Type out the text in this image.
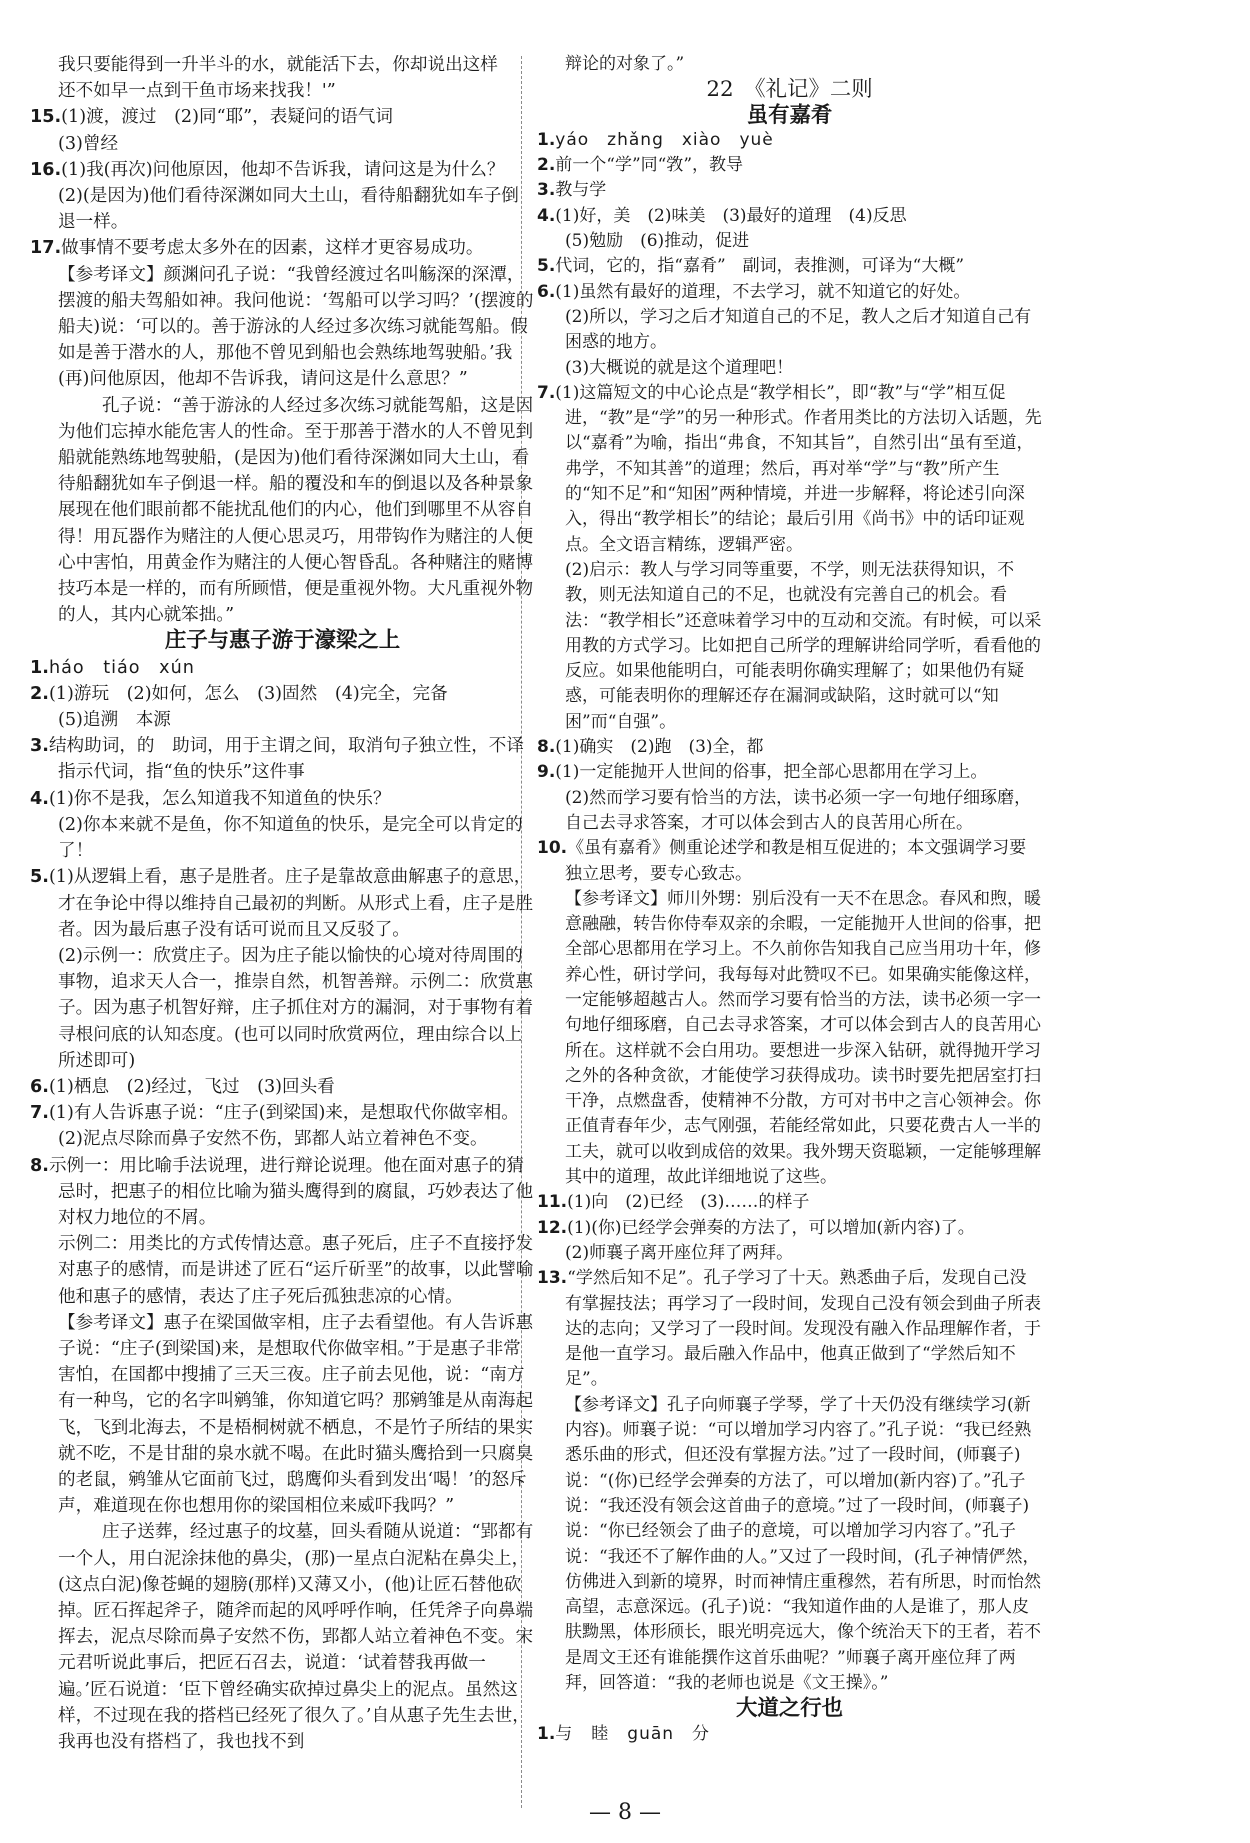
我只要能得到一升半斗的水，就能活下去，你却说出这样
还不如早一点到干鱼市场来找我！'”
15.(1)渡，渡过　(2)同“耶”，表疑问的语气词
(3)曾经
16.(1)我(再次)问他原因，他却不告诉我，请问这是为什么？
(2)(是因为)他们看待深渊如同大土山，看待船翻犹如车子倒退一样。
17.做事情不要考虑太多外在的因素，这样才更容易成功。
【参考译文】颜渊问孔子说：“我曾经渡过名叫觞深的深潭，摆渡的船夫驾船如神。我问他说：‘驾船可以学习吗？’(摆渡的船夫)说：‘可以的。善于游泳的人经过多次练习就能驾船。假如是善于潜水的人，那他不曾见到船也会熟练地驾驶船。’我(再)问他原因，他却不告诉我，请问这是什么意思？”
孔子说：“善于游泳的人经过多次练习就能驾船，这是因为他们忘掉水能危害人的性命。至于那善于潜水的人不曾见到船就能熟练地驾驶船，(是因为)他们看待深渊如同大土山，看待船翻犹如车子倒退一样。船的覆没和车的倒退以及各种景象展现在他们眼前都不能扰乱他们的内心，他们到哪里不从容自得！用瓦器作为赌注的人便心思灵巧，用带钩作为赌注的人便心中害怕，用黄金作为赌注的人便心智昏乱。各种赌注的赌博技巧本是一样的，而有所顾惜，便是重视外物。大凡重视外物的人，其内心就笨拙。”
庄子与惠子游于濠梁之上
1.háo　tiáo　xún
2.(1)游玩　(2)如何，怎么　(3)固然　(4)完全，完备
(5)追溯　本源
3.结构助词，的　助词，用于主谓之间，取消句子独立性，不译　指示代词，指“鱼的快乐”这件事
4.(1)你不是我，怎么知道我不知道鱼的快乐？
(2)你本来就不是鱼，你不知道鱼的快乐，是完全可以肯定的了！
5.(1)从逻辑上看，惠子是胜者。庄子是靠故意曲解惠子的意思，才在争论中得以维持自己最初的判断。从形式上看，庄子是胜者。因为最后惠子没有话可说而且又反驳了。
(2)示例一：欣赏庄子。因为庄子能以愉快的心境对待周围的事物，追求天人合一，推崇自然，机智善辩。示例二：欣赏惠子。因为惠子机智好辩，庄子抓住对方的漏洞，对于事物有着寻根问底的认知态度。(也可以同时欣赏两位，理由综合以上所述即可)
6.(1)栖息　(2)经过，飞过　(3)回头看
7.(1)有人告诉惠子说：“庄子(到梁国)来，是想取代你做宰相。
(2)泥点尽除而鼻子安然不伤，郢都人站立着神色不变。
8.示例一：用比喻手法说理，进行辩论说理。他在面对惠子的猜忌时，把惠子的相位比喻为猫头鹰得到的腐鼠，巧妙表达了他对权力地位的不屑。
示例二：用类比的方式传情达意。惠子死后，庄子不直接抒发对惠子的感情，而是讲述了匠石“运斤斫垩”的故事，以此譬喻他和惠子的感情，表达了庄子死后孤独悲凉的心情。
【参考译文】惠子在梁国做宰相，庄子去看望他。有人告诉惠子说：“庄子(到梁国)来，是想取代你做宰相。”于是惠子非常害怕，在国都中搜捕了三天三夜。庄子前去见他，说：“南方有一种鸟，它的名字叫鹓雏，你知道它吗？那鹓雏是从南海起飞，飞到北海去，不是梧桐树就不栖息，不是竹子所结的果实就不吃，不是甘甜的泉水就不喝。在此时猫头鹰拾到一只腐臭的老鼠，鹓雏从它面前飞过，鸱鹰仰头看到发出‘喝！’的怒斥声，难道现在你也想用你的梁国相位来威吓我吗？”
庄子送葬，经过惠子的坟墓，回头看随从说道：“郢都有一个人，用白泥涂抹他的鼻尖，(那)一星点白泥粘在鼻尖上，(这点白泥)像苍蝇的翅膀(那样)又薄又小，(他)让匠石替他砍掉。匠石挥起斧子，随斧而起的风呼呼作响，任凭斧子向鼻端挥去，泥点尽除而鼻子安然不伤，郢都人站立着神色不变。宋元君听说此事后，把匠石召去，说道：‘试着替我再做一遍。’匠石说道：‘臣下曾经确实砍掉过鼻尖上的泥点。虽然这样，不过现在我的搭档已经死了很久了。’自从惠子先生去世，我再也没有搭档了，我也找不到
辩论的对象了。”
22　《礼记》二则
虽有嘉肴
1.yáo　zhǎng　xiào　yuè
2.前一个“学”同“敩”，教导
3.教与学
4.(1)好，美　(2)味美　(3)最好的道理　(4)反思
(5)勉励　(6)推动，促进
5.代词，它的，指“嘉肴”　副词，表推测，可译为“大概”
6.(1)虽然有最好的道理，不去学习，就不知道它的好处。
(2)所以，学习之后才知道自己的不足，教人之后才知道自己有困惑的地方。
(3)大概说的就是这个道理吧！
7.(1)这篇短文的中心论点是“教学相长”，即“教”与“学”相互促进，“教”是“学”的另一种形式。作者用类比的方法切入话题，先以“嘉肴”为喻，指出“弗食，不知其旨”，自然引出“虽有至道，弗学，不知其善”的道理；然后，再对举“学”与“教”所产生的“知不足”和“知困”两种情境，并进一步解释，将论述引向深入，得出“教学相长”的结论；最后引用《尚书》中的话印证观点。全文语言精练，逻辑严密。
(2)启示：教人与学习同等重要，不学，则无法获得知识，不教，则无法知道自己的不足，也就没有完善自己的机会。看法：“教学相长”还意味着学习中的互动和交流。有时候，可以采用教的方式学习。比如把自己所学的理解讲给同学听，看看他的反应。如果他能明白，可能表明你确实理解了；如果他仍有疑惑，可能表明你的理解还存在漏洞或缺陷，这时就可以“知困”而“自强”。
8.(1)确实　(2)跑　(3)全，都
9.(1)一定能抛开人世间的俗事，把全部心思都用在学习上。
(2)然而学习要有恰当的方法，读书必须一字一句地仔细琢磨，自己去寻求答案，才可以体会到古人的良苦用心所在。
10.《虽有嘉肴》侧重论述学和教是相互促进的；本文强调学习要独立思考，要专心致志。
【参考译文】师川外甥：别后没有一天不在思念。春风和煦，暖意融融，转告你侍奉双亲的余暇，一定能抛开人世间的俗事，把全部心思都用在学习上。不久前你告知我自己应当用功十年，修养心性，研讨学问，我每每对此赞叹不已。如果确实能像这样，一定能够超越古人。然而学习要有恰当的方法，读书必须一字一句地仔细琢磨，自己去寻求答案，才可以体会到古人的良苦用心所在。这样就不会白用功。要想进一步深入钻研，就得抛开学习之外的各种贪欲，才能使学习获得成功。读书时要先把居室打扫干净，点燃盘香，使精神不分散，方可对书中之言心领神会。你正值青春年少，志气刚强，若能经常如此，只要花费古人一半的工夫，就可以收到成倍的效果。我外甥天资聪颖，一定能够理解其中的道理，故此详细地说了这些。
11.(1)向　(2)已经　(3)……的样子
12.(1)(你)已经学会弹奏的方法了，可以增加(新内容)了。
(2)师襄子离开座位拜了两拜。
13.“学然后知不足”。孔子学习了十天。熟悉曲子后，发现自己没有掌握技法；再学习了一段时间，发现自己没有领会到曲子所表达的志向；又学习了一段时间。发现没有融入作品理解作者，于是他一直学习。最后融入作品中，他真正做到了“学然后知不足”。
【参考译文】孔子向师襄子学琴，学了十天仍没有继续学习(新内容)。师襄子说：“可以增加学习内容了。”孔子说：“我已经熟悉乐曲的形式，但还没有掌握方法。”过了一段时间，(师襄子)说：“(你)已经学会弹奏的方法了，可以增加(新内容)了。”孔子说：“我还没有领会这首曲子的意境。”过了一段时间，(师襄子)说：“你已经领会了曲子的意境，可以增加学习内容了。”孔子说：“我还不了解作曲的人。”又过了一段时间，(孔子神情俨然，仿佛进入到新的境界，时而神情庄重穆然，若有所思，时而怡然高望，志意深远。(孔子)说：“我知道作曲的人是谁了，那人皮肤黝黑，体形颀长，眼光明亮远大，像个统治天下的王者，若不是周文王还有谁能撰作这首乐曲呢？”师襄子离开座位拜了两拜，回答道：“我的老师也说是《文王操》。”
大道之行也
1.与　睦　guān　分
— 8 —
